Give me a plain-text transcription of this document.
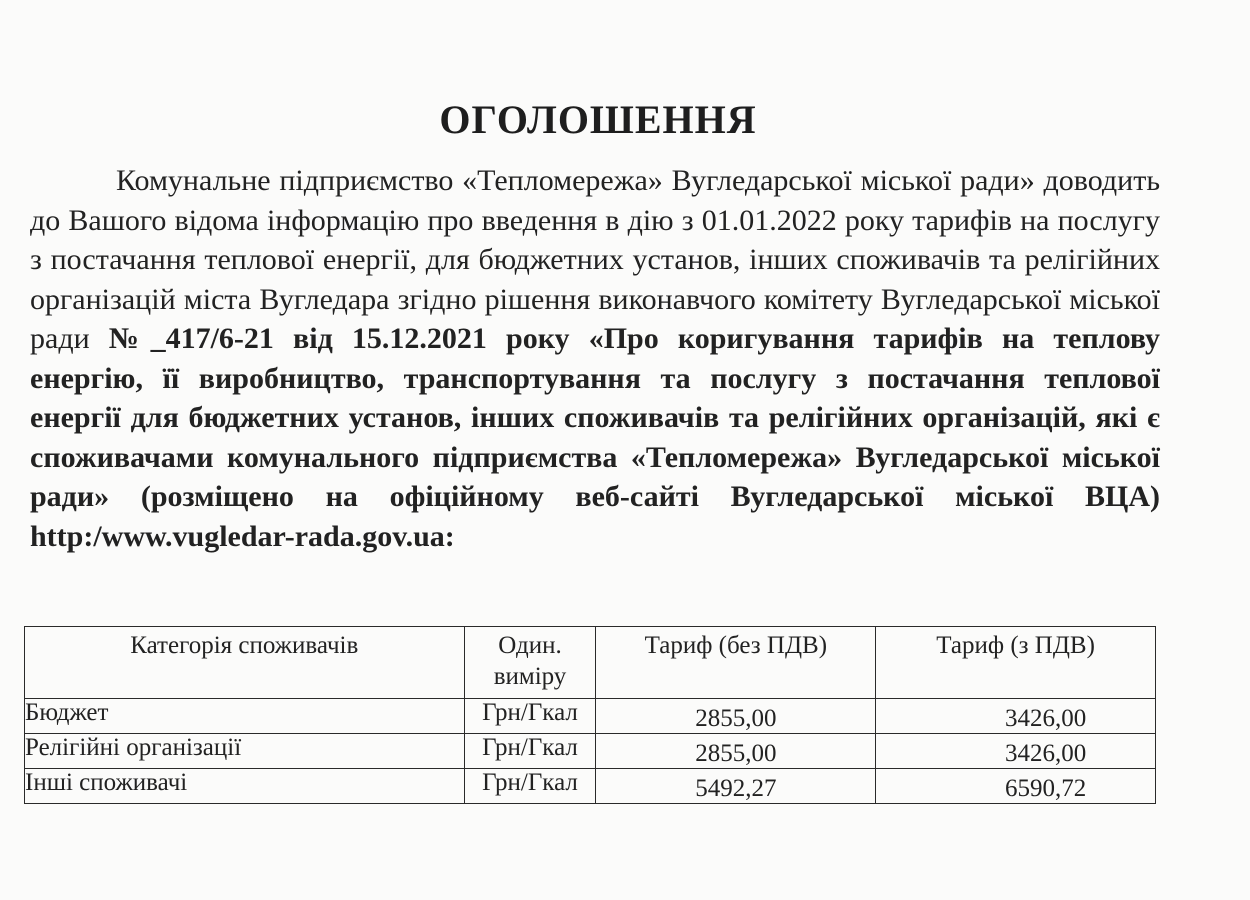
ОГОЛОШЕННЯ

Комунальне підприємство «Тепломережа» Вугледарської міської ради» доводить до Вашого відома інформацію про введення в дію з 01.01.2022 року тарифів на послугу з постачання теплової енергії, для бюджетних установ, інших споживачів та релігійних організацій міста Вугледара згідно рішення виконавчого комітету Вугледарської міської ради №_417/6-21 від 15.12.2021 року «Про коригування тарифів на теплову енергію, її виробництво, транспортування та послугу з постачання теплової енергії для бюджетних установ, інших споживачів та релігійних організацій, які є споживачами комунального підприємства «Тепломережа» Вугледарської міської ради» (розміщено на офіційному веб-сайті Вугледарської міської ВЦА) http:/www.vugledar-rada.gov.ua:

Категорія споживачів	Один. виміру	Тариф (без ПДВ)	Тариф (з ПДВ)
Бюджет	Грн/Гкал	2855,00	3426,00
Релігійні організації	Грн/Гкал	2855,00	3426,00
Інші споживачі	Грн/Гкал	5492,27	6590,72
